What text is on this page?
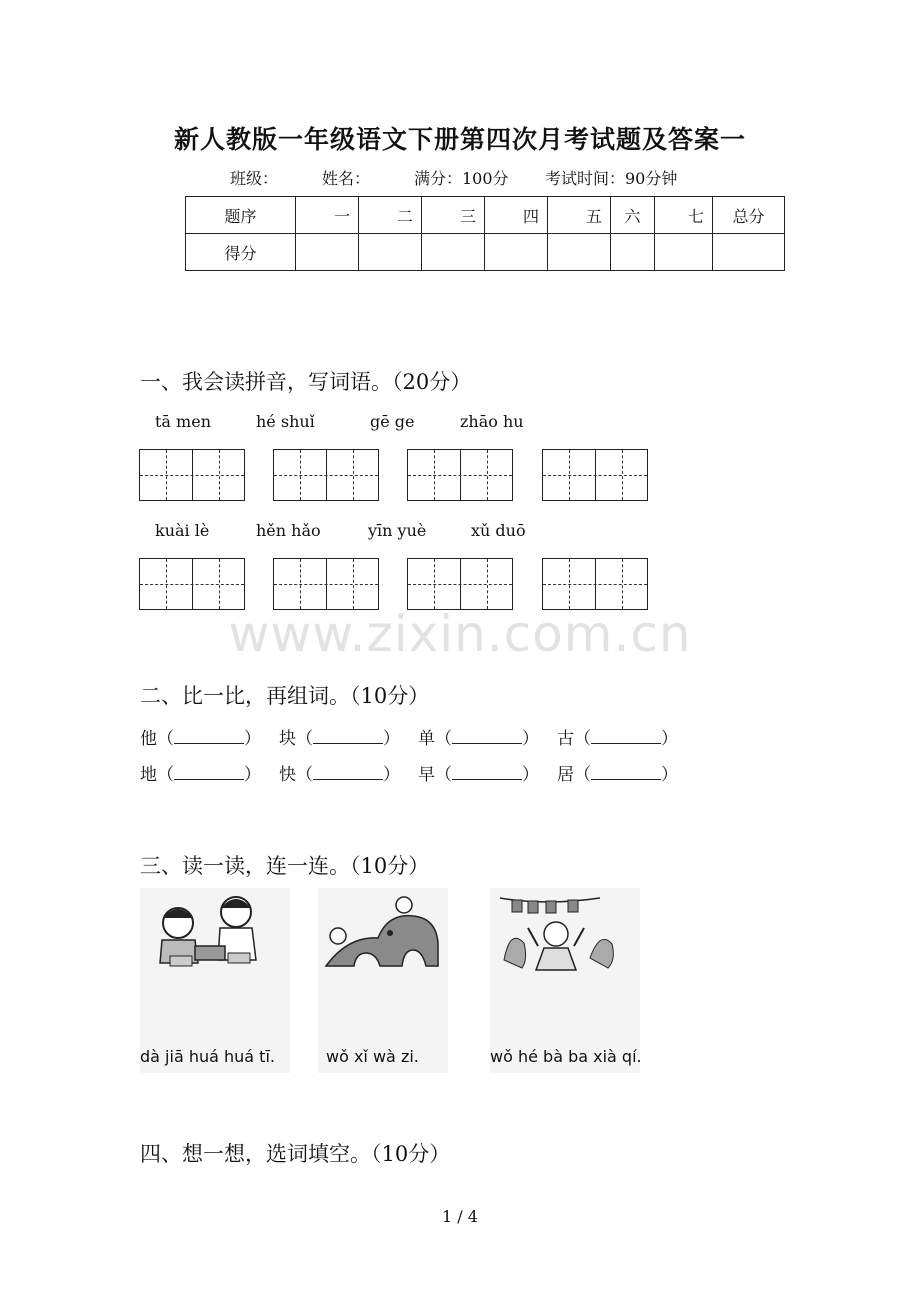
新人教版一年级语文下册第四次月考试题及答案一
班级：	姓名：	满分：100分 考试时间：90分钟
题序	一	二	三	四	五	六	七	总分
得分								
一、我会读拼音，写词语。（20分）
tā men	hé shuǐ	gē ge	zhāo hu
kuài lè	hěn hǎo	yīn yuè	xǔ duō
www.zixin.com.cn
二、比一比，再组词。（10分）
他（	） 块（	） 单（	） 古（	）
地（	） 快（	） 早（	） 居（	）
三、读一读，连一连。（10分）
dà jiā huá huá tī.	wǒ xǐ wà zi.	wǒ hé bà ba xià qí.
四、想一想，选词填空。（10分）
1 / 4
